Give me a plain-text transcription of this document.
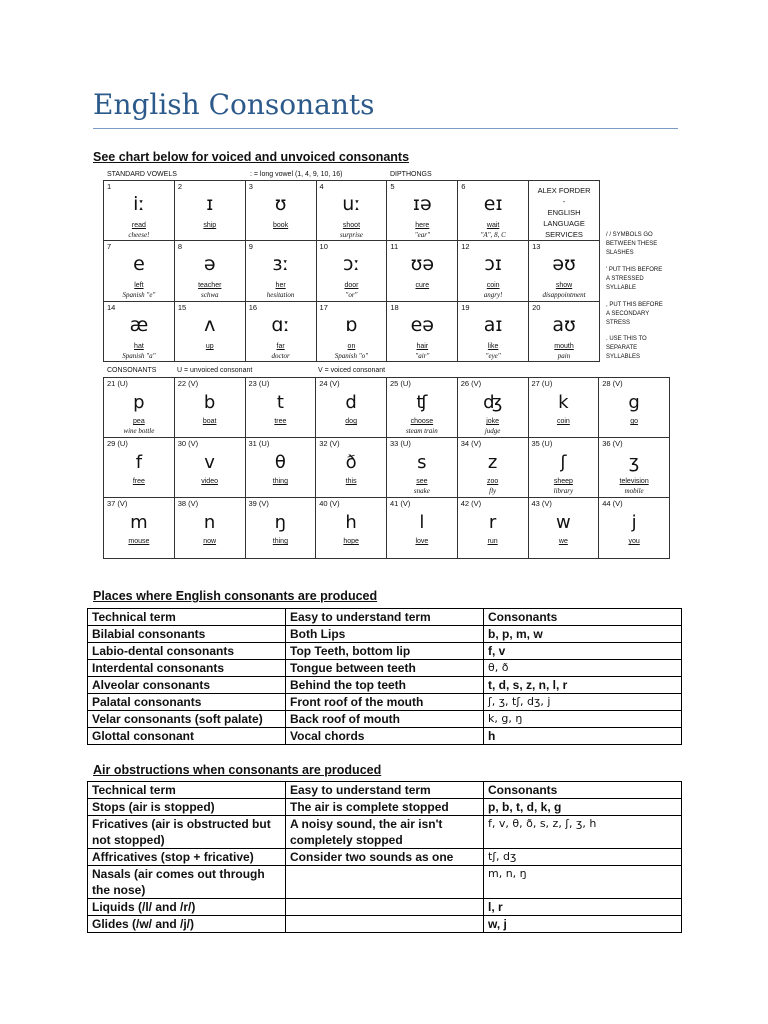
English Consonants
See chart below for voiced and unvoiced consonants
STANDARD VOWELS	: = long vowel (1, 4, 9, 10, 16)	DIPTHONGS
1
iː
read
cheese!	2
ɪ
ship	3
ʊ
book	4
uː
shoot
surprise	5
ɪə
here
"ear"	6
eɪ
wait
"A", 8, C	ALEX FORDER
-
ENGLISH
LANGUAGE
SERVICES

7
e
left
Spanish "e"	8
ə
teacher
schwa	9
ɜː
her
hesitation	10
ɔː
door
"or"	11
ʊə
cure	12
ɔɪ
coin
angry!	13
əʊ
show
disappointment

14
æ
hat
Spanish "a"	15
ʌ
up	16
ɑː
far
doctor	17
ɒ
on
Spanish "o"	18
eə
hair
"air"	19
aɪ
like
"eye"	20
aʊ
mouth
pain
/ / SYMBOLS GO
BETWEEN THESE
SLASHES
' PUT THIS BEFORE
A STRESSED
SYLLABLE
, PUT THIS BEFORE
A SECONDARY
STRESS
. USE THIS TO
SEPARATE
SYLLABLES
CONSONANTS	U = unvoiced consonant	V = voiced consonant
21 (U)
p
pea
wine bottle	22 (V)
b
boat	23 (U)
t
tree	24 (V)
d
dog	25 (U)
ʧ
choose
steam train	26 (V)
ʤ
joke
judge	27 (U)
k
coin	28 (V)
g
go

29 (U)
f
free	30 (V)
v
video	31 (U)
θ
thing	32 (V)
ð
this	33 (U)
s
see
snake	34 (V)
z
zoo
fly	35 (U)
ʃ
sheep
library	36 (V)
ʒ
television
mobile

37 (V)
m
mouse	38 (V)
n
now	39 (V)
ŋ
thing	40 (V)
h
hope	41 (V)
l
love	42 (V)
r
run	43 (V)
w
we	44 (V)
j
you
Places where English consonants are produced
Technical term	Easy to understand term	Consonants
Bilabial consonants	Both Lips	b, p, m, w
Labio-dental consonants	Top Teeth, bottom lip	f, v
Interdental consonants	Tongue between teeth	θ, ð
Alveolar consonants	Behind the top teeth	t, d, s, z, n, l, r
Palatal consonants	Front roof of the mouth	ʃ, ʒ, tʃ, dʒ, j
Velar consonants (soft palate)	Back roof of mouth	k, g, ŋ
Glottal consonant	Vocal chords	h
Air obstructions when consonants are produced
Technical term	Easy to understand term	Consonants
Stops (air is stopped)	The air is complete stopped	p, b, t, d, k, g
Fricatives (air is obstructed but not stopped)	A noisy sound, the air isn't completely stopped	f, v, θ, ð, s, z, ʃ, ʒ, h
Affricatives (stop + fricative)	Consider two sounds as one	tʃ, dʒ
Nasals (air comes out through the nose)		m, n, ŋ
Liquids (/l/ and /r/)		l, r
Glides (/w/ and /j/)		w, j
